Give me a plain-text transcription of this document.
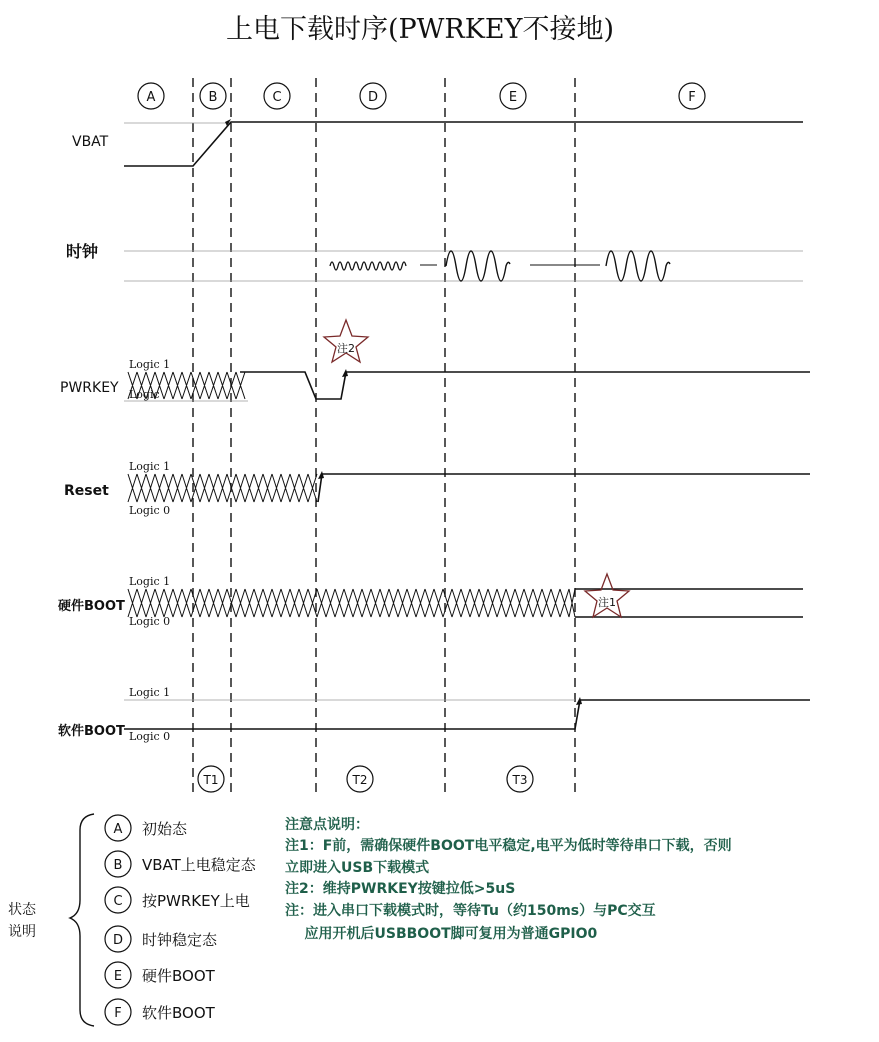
上电下载时序(PWRKEY不接地)
A	B	C	D	E	F
VBAT
时钟
PWRKEY
Logic 1
Logic
注2
Reset
Logic 1
Logic 0
硬件BOOT
Logic 1
Logic 0
注1
软件BOOT
Logic 1
Logic 0
T1	T2	T3
状态
说明
A 初始态
B VBAT上电稳定态
C 按PWRKEY上电
D 时钟稳定态
E 硬件BOOT
F 软件BOOT
注意点说明：
注1：F前，需确保硬件BOOT电平稳定,电平为低时等待串口下载，否则
立即进入USB下载模式
注2：维持PWRKEY按键拉低>5uS
注：进入串口下载模式时，等待Tu（约150ms）与PC交互
应用开机后USBBOOT脚可复用为普通GPIO0
